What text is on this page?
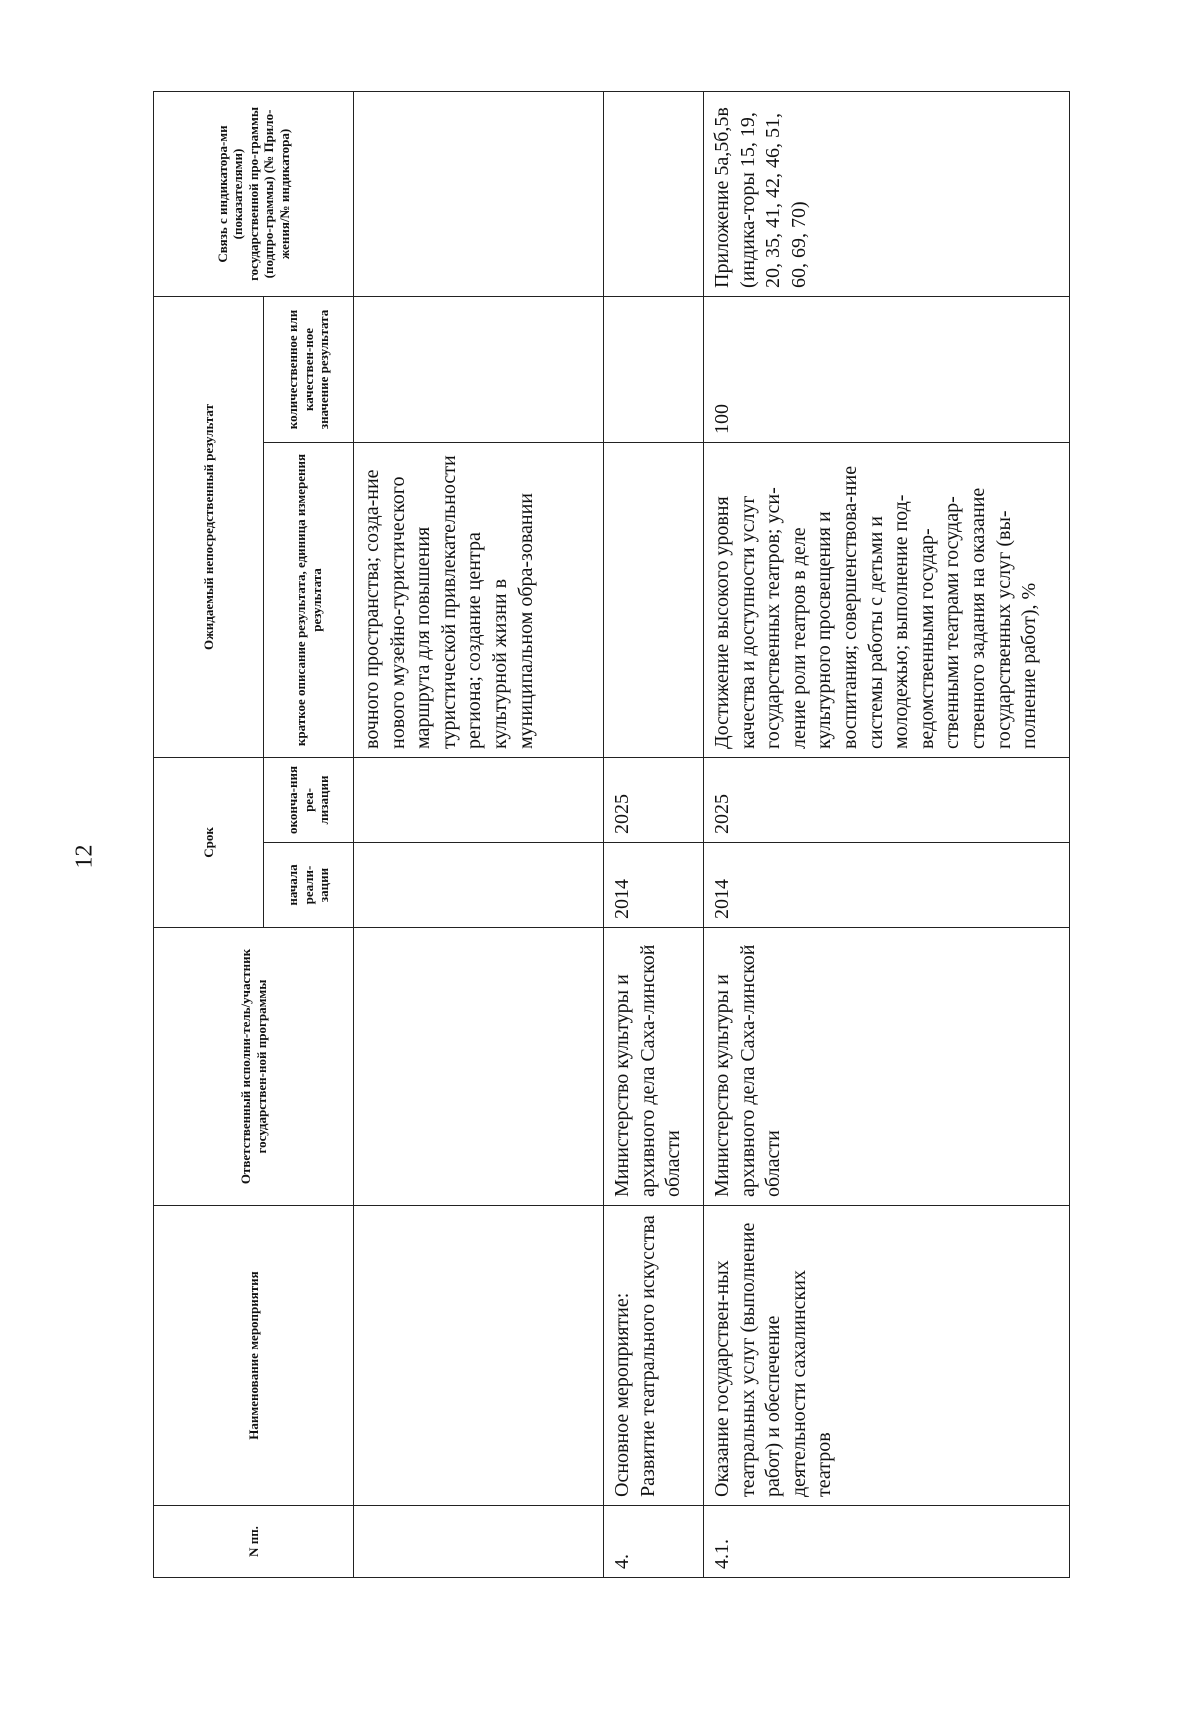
12
N пп.	Наименование мероприятия	Ответственный исполни-тель/участник государствен-ной программы	Срок		Ожидаемый непосредственный результат		Связь с индикатора-ми (показателями) государственной про-граммы (подпро-граммы) (№ Прило-жения/№ индикатора)
			начала реали-зации	оконча-ния реа-лизации	краткое описание результата, единица измерения результата	количественное или качествен-ное значение результата	
					вочного пространства; созда-ние нового музейно-туристического маршрута для повышения туристической привлекательности региона; создание центра культурной жизни в муниципальном обра-зовании		
4.	Основное мероприятие: Развитие театрального искусства	Министерство культуры и архивного дела Саха-линской области	2014	2025			
4.1.	Оказание государствен-ных театральных услуг (выполнение работ) и обеспечение деятельности сахалинских театров	Министерство культуры и архивного дела Саха-линской области	2014	2025	Достижение высокого уровня качества и доступности услуг государственных театров; уси-ление роли театров в деле культурного просвещения и воспитания; совершенствова-ние системы работы с детьми и молодежью; выполнение под-ведомственными государ-ственными театрами государ-ственного задания на оказание государственных услуг (вы-полнение работ), %	100	Приложение 5а,5б,5в (индика-торы 15, 19, 20, 35, 41, 42, 46, 51, 60, 69, 70)
